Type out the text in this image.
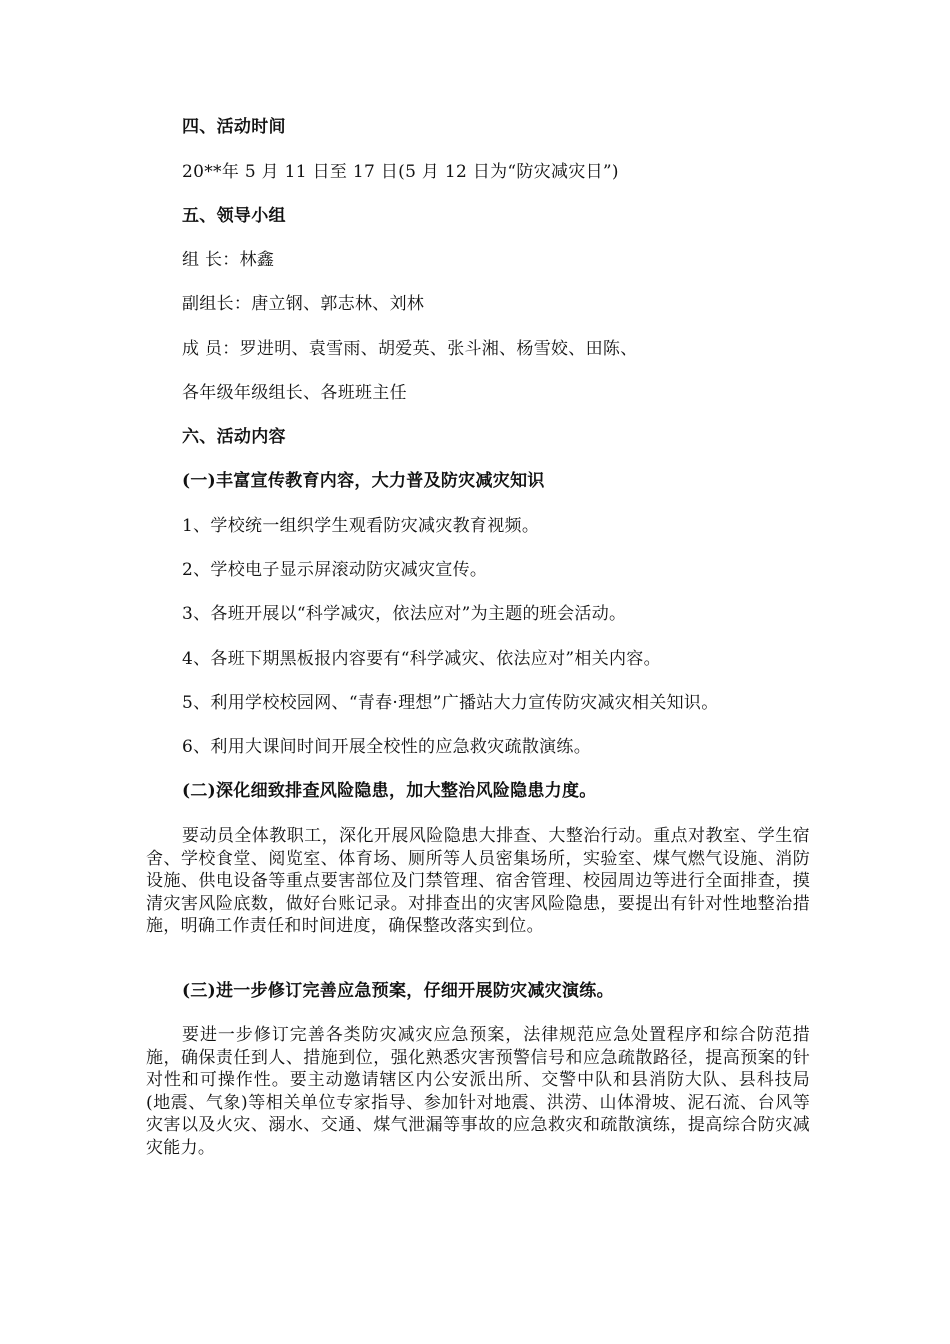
四、活动时间
20**年 5 月 11 日至 17 日(5 月 12 日为“防灾减灾日”)
五、领导小组
组 长：林鑫
副组长：唐立钢、郭志林、刘林
成 员：罗进明、袁雪雨、胡爱英、张斗湘、杨雪姣、田陈、
各年级年级组长、各班班主任
六、活动内容
(一)丰富宣传教育内容，大力普及防灾减灾知识
1、学校统一组织学生观看防灾减灾教育视频。
2、学校电子显示屏滚动防灾减灾宣传。
3、各班开展以“科学减灾，依法应对”为主题的班会活动。
4、各班下期黑板报内容要有“科学减灾、依法应对”相关内容。
5、利用学校校园网、“青春·理想”广播站大力宣传防灾减灾相关知识。
6、利用大课间时间开展全校性的应急救灾疏散演练。
(二)深化细致排查风险隐患，加大整治风险隐患力度。
要动员全体教职工，深化开展风险隐患大排查、大整治行动。重点对教室、学生宿舍、学校食堂、阅览室、体育场、厕所等人员密集场所，实验室、煤气燃气设施、消防设施、供电设备等重点要害部位及门禁管理、宿舍管理、校园周边等进行全面排查，摸清灾害风险底数，做好台账记录。对排查出的灾害风险隐患，要提出有针对性地整治措施，明确工作责任和时间进度，确保整改落实到位。
(三)进一步修订完善应急预案，仔细开展防灾减灾演练。
要进一步修订完善各类防灾减灾应急预案，法律规范应急处置程序和综合防范措施，确保责任到人、措施到位，强化熟悉灾害预警信号和应急疏散路径，提高预案的针对性和可操作性。要主动邀请辖区内公安派出所、交警中队和县消防大队、县科技局(地震、气象)等相关单位专家指导、参加针对地震、洪涝、山体滑坡、泥石流、台风等灾害以及火灾、溺水、交通、煤气泄漏等事故的应急救灾和疏散演练，提高综合防灾减灾能力。
